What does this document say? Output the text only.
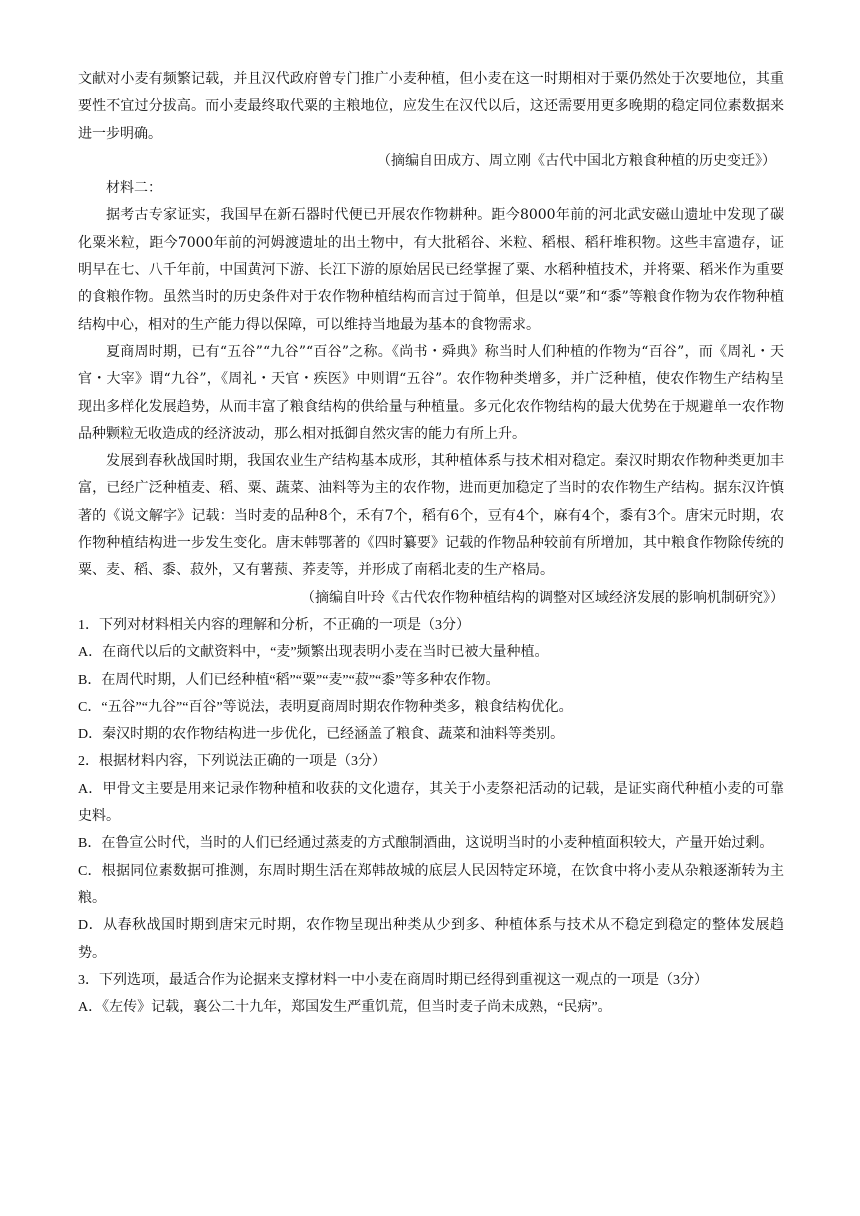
文献对小麦有频繁记载，并且汉代政府曾专门推广小麦种植，但小麦在这一时期相对于粟仍然处于次要地位，其重要性不宜过分拔高。而小麦最终取代粟的主粮地位，应发生在汉代以后，这还需要用更多晚期的稳定同位素数据来进一步明确。

（摘编自田成方、周立刚《古代中国北方粮食种植的历史变迁》）

材料二：

据考古专家证实，我国早在新石器时代便已开展农作物耕种。距今8000年前的河北武安磁山遗址中发现了碳化粟米粒，距今7000年前的河姆渡遗址的出土物中，有大批稻谷、米粒、稻根、稻秆堆积物。这些丰富遗存，证明早在七、八千年前，中国黄河下游、长江下游的原始居民已经掌握了粟、水稻种植技术，并将粟、稻米作为重要的食粮作物。虽然当时的历史条件对于农作物种植结构而言过于简单，但是以“粟”和“黍”等粮食作物为农作物种植结构中心，相对的生产能力得以保障，可以维持当地最为基本的食物需求。

夏商周时期，已有“五谷”“九谷”“百谷”之称。《尚书・舜典》称当时人们种植的作物为“百谷”，而《周礼・天官・大宰》谓“九谷”，《周礼・天官・疾医》中则谓“五谷”。农作物种类增多，并广泛种植，使农作物生产结构呈现出多样化发展趋势，从而丰富了粮食结构的供给量与种植量。多元化农作物结构的最大优势在于规避单一农作物品种颗粒无收造成的经济波动，那么相对抵御自然灾害的能力有所上升。

发展到春秋战国时期，我国农业生产结构基本成形，其种植体系与技术相对稳定。秦汉时期农作物种类更加丰富，已经广泛种植麦、稻、粟、蔬菜、油料等为主的农作物，进而更加稳定了当时的农作物生产结构。据东汉许慎著的《说文解字》记载：当时麦的品种8个，禾有7个，稻有6个，豆有4个，麻有4个，黍有3个。唐宋元时期，农作物种植结构进一步发生变化。唐末韩鄂著的《四时纂要》记载的作物品种较前有所增加，其中粮食作物除传统的粟、麦、稻、黍、菽外，又有薯蓣、荞麦等，并形成了南稻北麦的生产格局。

（摘编自叶玲《古代农作物种植结构的调整对区域经济发展的影响机制研究》）

1．下列对材料相关内容的理解和分析，不正确的一项是（3分）

A．在商代以后的文献资料中，“麦”频繁出现表明小麦在当时已被大量种植。

B．在周代时期，人们已经种植“稻”“粟”“麦”“菽”“黍”等多种农作物。

C．“五谷”“九谷”“百谷”等说法，表明夏商周时期农作物种类多，粮食结构优化。

D．秦汉时期的农作物结构进一步优化，已经涵盖了粮食、蔬菜和油料等类别。

2．根据材料内容，下列说法正确的一项是（3分）

A．甲骨文主要是用来记录作物种植和收获的文化遗存，其关于小麦祭祀活动的记载，是证实商代种植小麦的可靠史料。

B．在鲁宣公时代，当时的人们已经通过蒸麦的方式酿制酒曲，这说明当时的小麦种植面积较大，产量开始过剩。

C．根据同位素数据可推测，东周时期生活在郑韩故城的底层人民因特定环境，在饮食中将小麦从杂粮逐渐转为主粮。

D．从春秋战国时期到唐宋元时期，农作物呈现出种类从少到多、种植体系与技术从不稳定到稳定的整体发展趋势。

3．下列选项，最适合作为论据来支撑材料一中小麦在商周时期已经得到重视这一观点的一项是（3分）

A．《左传》记载，襄公二十九年，郑国发生严重饥荒，但当时麦子尚未成熟，“民病”。
